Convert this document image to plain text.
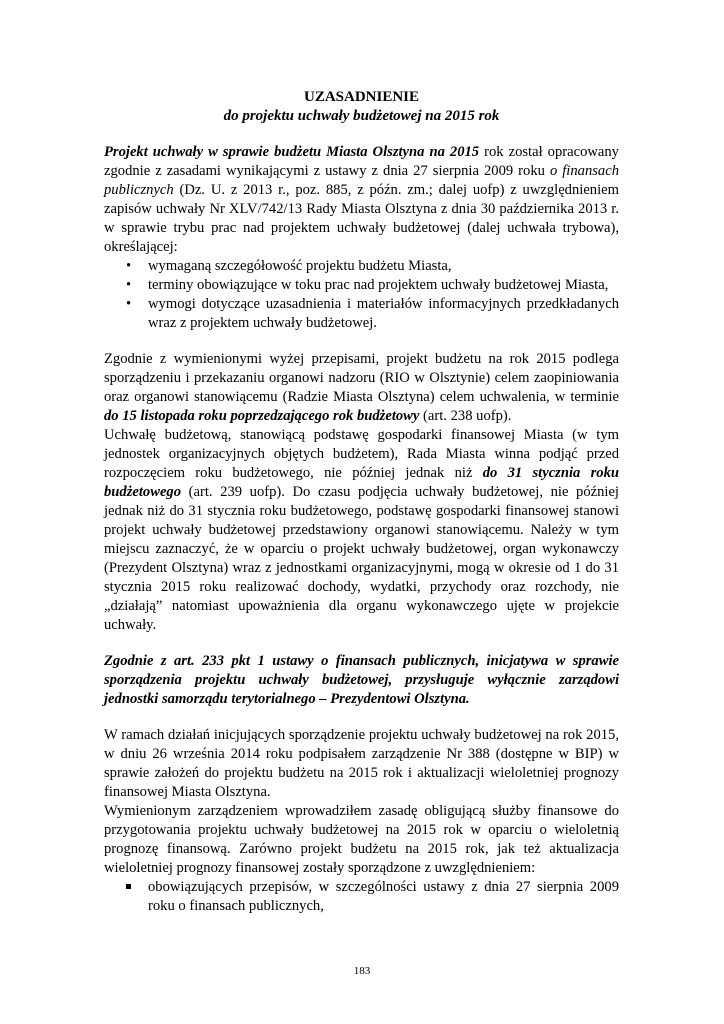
UZASADNIENIE
do projektu uchwały budżetowej na 2015 rok

Projekt uchwały w sprawie budżetu Miasta Olsztyna na 2015 rok został opracowany zgodnie z zasadami wynikającymi z ustawy z dnia 27 sierpnia 2009 roku o finansach publicznych (Dz. U. z 2013 r., poz. 885, z późn. zm.; dalej uofp) z uwzględnieniem zapisów uchwały Nr XLV/742/13 Rady Miasta Olsztyna z dnia 30 października 2013 r. w sprawie trybu prac nad projektem uchwały budżetowej (dalej uchwała trybowa), określającej:

•
wymaganą szczegółowość projektu budżetu Miasta,
•
terminy obowiązujące w toku prac nad projektem uchwały budżetowej Miasta,
•
wymogi dotyczące uzasadnienia i materiałów informacyjnych przedkładanych wraz z projektem uchwały budżetowej.

Zgodnie z wymienionymi wyżej przepisami, projekt budżetu na rok 2015 podlega sporządzeniu i przekazaniu organowi nadzoru (RIO w Olsztynie) celem zaopiniowania oraz organowi stanowiącemu (Radzie Miasta Olsztyna) celem uchwalenia, w terminie do 15 listopada roku poprzedzającego rok budżetowy (art. 238 uofp).

Uchwałę budżetową, stanowiącą podstawę gospodarki finansowej Miasta (w tym jednostek organizacyjnych objętych budżetem), Rada Miasta winna podjąć przed rozpoczęciem roku budżetowego, nie później jednak niż do 31 stycznia roku budżetowego (art. 239 uofp). Do czasu podjęcia uchwały budżetowej, nie później jednak niż do 31 stycznia roku budżetowego, podstawę gospodarki finansowej stanowi projekt uchwały budżetowej przedstawiony organowi stanowiącemu. Należy w tym miejscu zaznaczyć, że w oparciu o projekt uchwały budżetowej, organ wykonawczy (Prezydent Olsztyna) wraz z jednostkami organizacyjnymi, mogą w okresie od 1 do 31 stycznia 2015 roku realizować dochody, wydatki, przychody oraz rozchody, nie „działają” natomiast upoważnienia dla organu wykonawczego ujęte w projekcie uchwały.

Zgodnie z art. 233 pkt 1 ustawy o finansach publicznych, inicjatywa w sprawie sporządzenia projektu uchwały budżetowej, przysługuje wyłącznie zarządowi jednostki samorządu terytorialnego – Prezydentowi Olsztyna.

W ramach działań inicjujących sporządzenie projektu uchwały budżetowej na rok 2015, w dniu 26 września 2014 roku podpisałem zarządzenie Nr 388 (dostępne w BIP) w sprawie założeń do projektu budżetu na 2015 rok i aktualizacji wieloletniej prognozy finansowej Miasta Olsztyna.

Wymienionym zarządzeniem wprowadziłem zasadę obligującą służby finansowe do przygotowania projektu uchwały budżetowej na 2015 rok w oparciu o wieloletnią prognozę finansową. Zarówno projekt budżetu na 2015 rok, jak też aktualizacja wieloletniej prognozy finansowej zostały sporządzone z uwzględnieniem:

obowiązujących przepisów, w szczególności ustawy z dnia 27 sierpnia 2009 roku o finansach publicznych,
183
